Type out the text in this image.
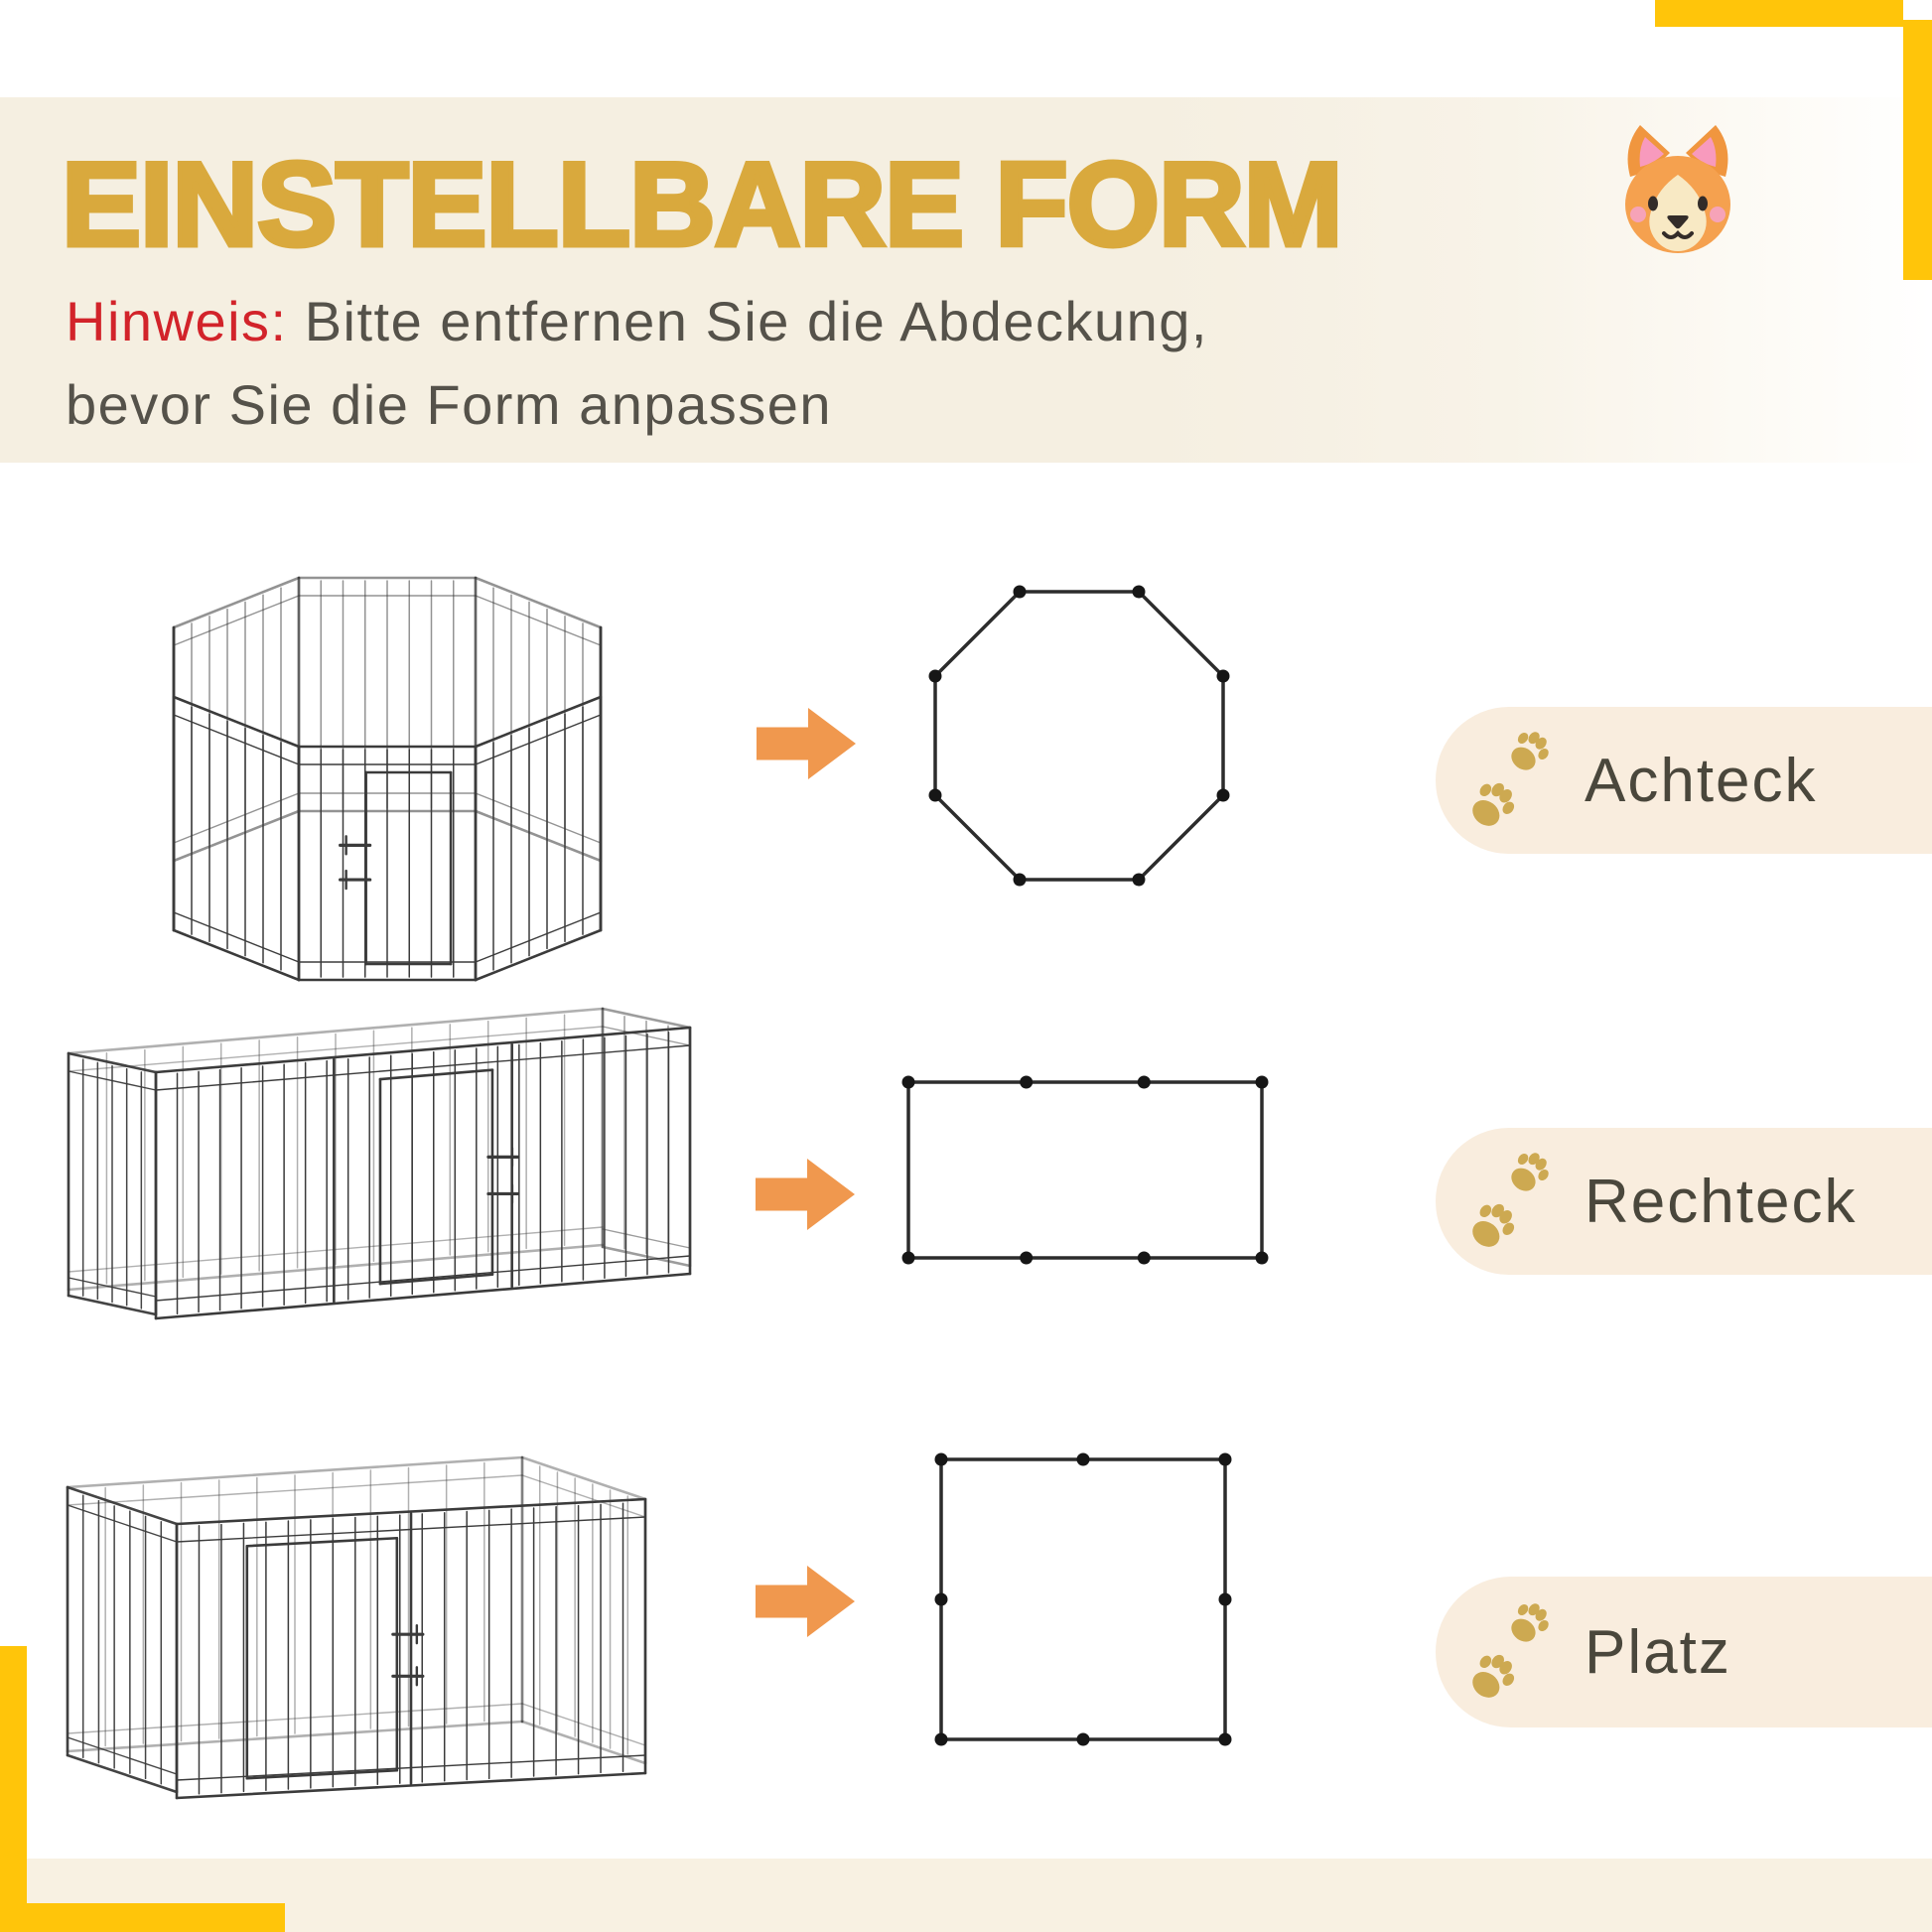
EINSTELLBARE FORM
Hinweis: Bitte entfernen Sie die Abdeckung,
bevor Sie die Form anpassen
Achteck
Rechteck
Platz
